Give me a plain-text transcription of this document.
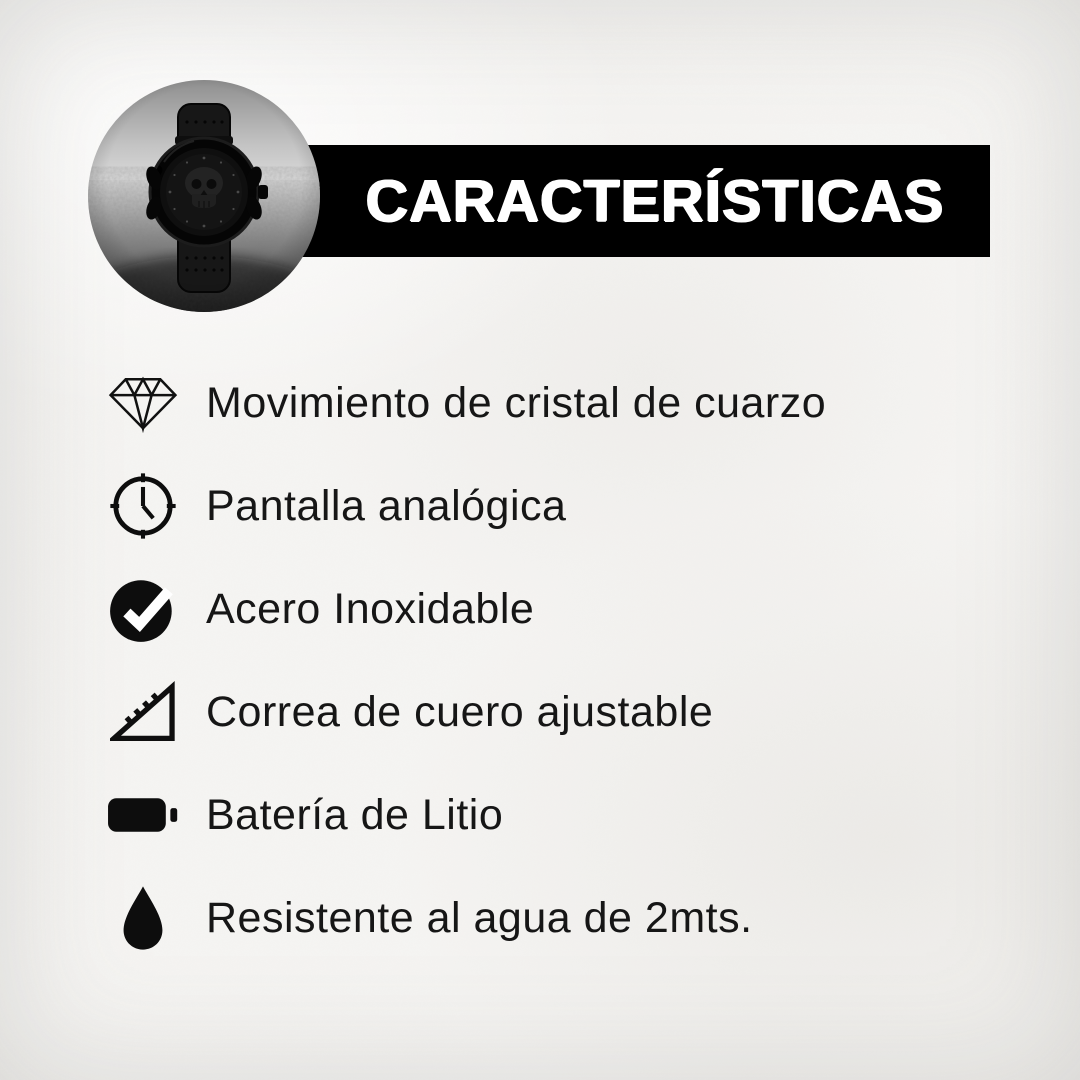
CARACTERÍSTICAS
Movimiento de cristal de cuarzo
Pantalla analógica
Acero Inoxidable
Correa de cuero ajustable
Batería de Litio
Resistente al agua de 2mts.
